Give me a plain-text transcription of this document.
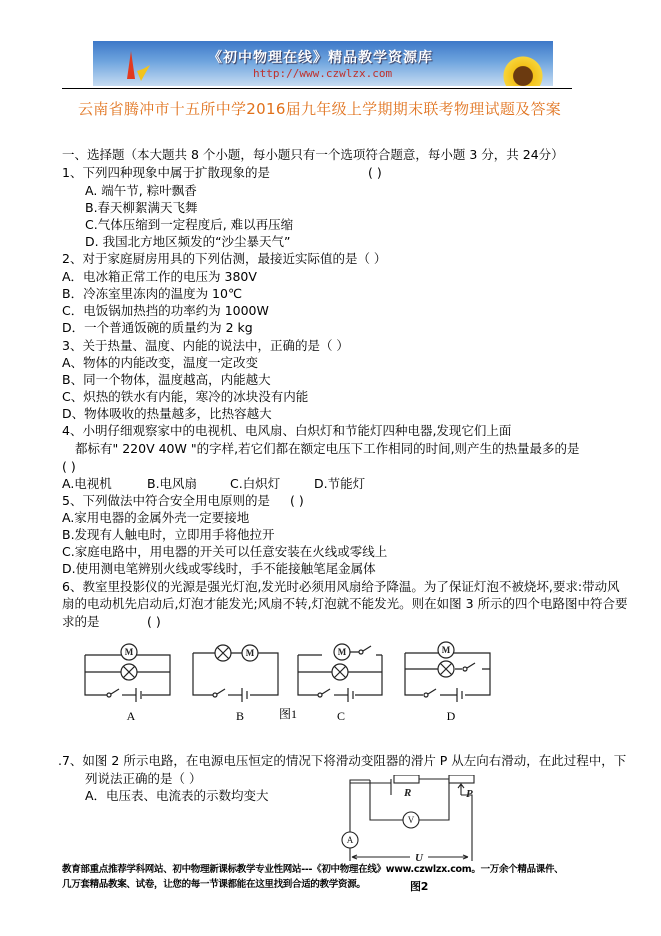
《初中物理在线》精品教学资源库
http://www.czwlzx.com
云南省腾冲市十五所中学2016届九年级上学期期末联考物理试题及答案
一、选择题（本大题共 8 个小题，每小题只有一个选项符合题意，每小题 3 分，共 24分）
1、下列四种现象中属于扩散现象的是	( )
A. 端午节, 粽叶飘香
B.春天柳絮满天飞舞
C.气体压缩到一定程度后, 难以再压缩
D. 我国北方地区频发的“沙尘暴天气”
2、对于家庭厨房用具的下列估测，最接近实际值的是（ ）
A．电冰箱正常工作的电压为 380V
B．冷冻室里冻肉的温度为 10℃
C．电饭锅加热挡的功率约为 1000W
D．一个普通饭碗的质量约为 2 kg
3、关于热量、温度、内能的说法中，正确的是（ ）
A、物体的内能改变，温度一定改变
B、同一个物体，温度越高，内能越大
C、炽热的铁水有内能，寒冷的冰块没有内能
D、物体吸收的热量越多，比热容越大
4、小明仔细观察家中的电视机、电风扇、白炽灯和节能灯四种电器,发现它们上面
都标有" 220V 40W "的字样,若它们都在额定电压下工作相同的时间,则产生的热量最多的是
( )
A.电视机	B.电风扇	C.白炽灯	D.节能灯
5、下列做法中符合安全用电原则的是 ( )
A.家用电器的金属外壳一定要接地
B.发现有人触电时，立即用手将他拉开
C.家庭电路中，用电器的开关可以任意安装在火线或零线上
D.使用测电笔辨别火线或零线时，手不能接触笔尾金属体
6、教室里投影仪的光源是强光灯泡,发光时必须用风扇给予降温。为了保证灯泡不被烧坏,要求:带动风
扇的电动机先启动后,灯泡才能发光;风扇不转,灯泡就不能发光。则在如图 3 所示的四个电路图中符合要
求的是	( )
M	M	M	M
A	B	图1	C	D
.7、如图 2 所示电路，在电源电压恒定的情况下将滑动变阻器的滑片 P 从左向右滑动，在此过程中，下
列说法正确的是（ ）
A．电压表、电流表的示数均变大	R	P
U
V
A
教育部重点推荐学科网站、初中物理新课标教学专业性网站---《初中物理在线》www.czwlzx.com。一万余个精品课件、
几万套精品教案、试卷，让您的每一节课都能在这里找到合适的教学资源。	图2
